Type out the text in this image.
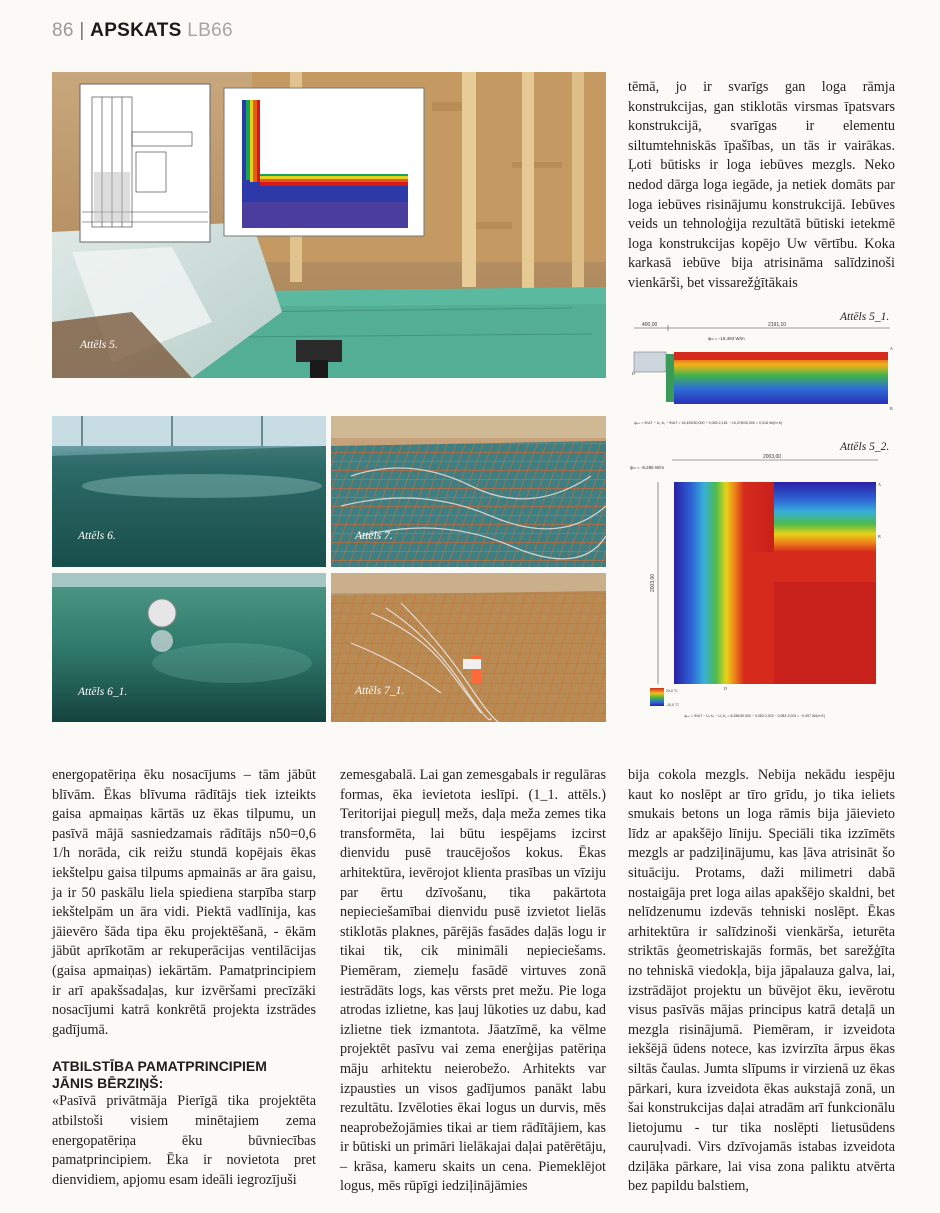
86 | APSKATS LB66
Attēls 5.

tēmā, jo ir svarīgs gan loga rāmja konstrukcijas, gan stiklotās virsmas īpatsvars konstrukcijā, svarīgas ir elementu siltumtehniskās īpašības, un tās ir vairākas. Ļoti būtisks ir loga iebūves mezgls. Neko nedod dārga loga iegāde, ja netiek domāts par loga iebūves risinājumu konstrukcijā. Iebūves veids un tehnoloģija rezultātā būtiski ietekmē loga konstrukcijas kopējo Uw vērtību. Koka karkasā iebūve bija atrisināma salīdzinoši vienkārši, bet vissarežģītākais

Attēls 5_1.
400,00	2191,10
ψₗₙ = -16,493 W/m
D
A
B
ψₑₓₜ = Φ/ΔT − U₁·b₁ − Φ/ΔT = 16,493/30,000 − 0,083·2,181 − 10,478/30,000 = 0,018 W/(m·K)
Attēls 5_2.
ψₗₙ = -8,286 W/m
2003,00
2003,00
A
B
D
20,0 °C
-10,0 °C
ψₑₓₜ = Φ/ΔT − U₁·b₁ − U₂·b₂ = 8,286/30,000 − 0,083·2,003 − 0,083·2,003 = −0,057 W/(m·K)
Attēls 6.	Attēls 7.
Attēls 6_1.	Attēls 7_1.

energopatēriņa ēku nosacījums – tām jābūt blīvām. Ēkas blīvuma rādītājs tiek izteikts gaisa apmaiņas kārtās uz ēkas tilpumu, un pasīvā mājā sasniedzamais rādītājs n50=0,6 1/h norāda, cik reižu stundā kopējais ēkas iekštelpu gaisa tilpums apmainās ar āra gaisu, ja ir 50 paskālu liela spiediena starpība starp iekštelpām un āra vidi. Piektā vadlīnija, kas jāievēro šāda tipa ēku projektēšanā, - ēkām jābūt aprīkotām ar rekuperācijas ventilācijas (gaisa apmaiņas) iekārtām. Pamatprincipiem ir arī apakšsadaļas, kur izvēršami precīzāki nosacījumi katrā konkrētā projekta izstrādes gadījumā.

ATBILSTĪBA PAMATPRINCIPIEM
JĀNIS BĒRZIŅŠ:

«Pasīvā privātmāja Pierīgā tika projektēta atbilstoši visiem minētajiem zema energopatēriņa ēku būvniecības pamatprincipiem. Ēka ir novietota pret dienvidiem, apjomu esam ideāli iegrozījuši

zemesgabalā. Lai gan zemesgabals ir regulāras formas, ēka ievietota ieslīpi. (1_1. attēls.) Teritorijai piegulļ mežs, daļa meža zemes tika transformēta, lai būtu iespējams izcirst dienvidu pusē traucējošos kokus. Ēkas arhitektūra, ievērojot klienta prasības un vīziju par ērtu dzīvošanu, tika pakārtota nepieciešamībai dienvidu pusē izvietot lielās stiklotās plaknes, pārējās fasādes daļās logu ir tikai tik, cik minimāli nepieciešams. Piemēram, ziemeļu fasādē virtuves zonā iestrādāts logs, kas vērsts pret mežu. Pie loga atrodas izlietne, kas ļauj lūkoties uz dabu, kad izlietne tiek izmantota. Jāatzīmē, ka vēlme projektēt pasīvu vai zema enerģijas patēriņa māju arhitektu neierobežo. Arhitekts var izpausties un visos gadījumos panākt labu rezultātu. Izvēloties ēkai logus un durvis, mēs neaprobežojāmies tikai ar tiem rādītājiem, kas ir būtiski un primāri lielākajai daļai patērētāju, – krāsa, kameru skaits un cena. Piemeklējot logus, mēs rūpīgi iedziļinājāmies

bija cokola mezgls. Nebija nekādu iespēju kaut ko noslēpt ar tīro grīdu, jo tika ieliets smukais betons un loga rāmis bija jāievieto līdz ar apakšējo līniju. Speciāli tika izzīmēts mezgls ar padziļinājumu, kas ļāva atrisināt šo situāciju. Protams, daži milimetri dabā nostaigāja pret loga ailas apakšējo skaldni, bet nelīdzenumu izdevās tehniski noslēpt. Ēkas arhitektūra ir salīdzinoši vienkārša, ieturēta striktās ģeometriskajās formās, bet sarežģīta no tehniskā viedokļa, bija jāpalauza galva, lai, izstrādājot projektu un būvējot ēku, ievērotu visus pasīvās mājas principus katrā detaļā un mezgla risinājumā. Piemēram, ir izveidota iekšējā ūdens notece, kas izvirzīta ārpus ēkas siltās čaulas. Jumta slīpums ir virzienā uz ēkas pārkari, kura izveidota ēkas aukstajā zonā, un šai konstrukcijas daļai atradām arī funkcionālu lietojumu - tur tika noslēpti lietusūdens cauruļvadi. Virs dzīvojamās istabas izveidota dziļāka pārkare, lai visa zona paliktu atvērta bez papildu balstiem,
